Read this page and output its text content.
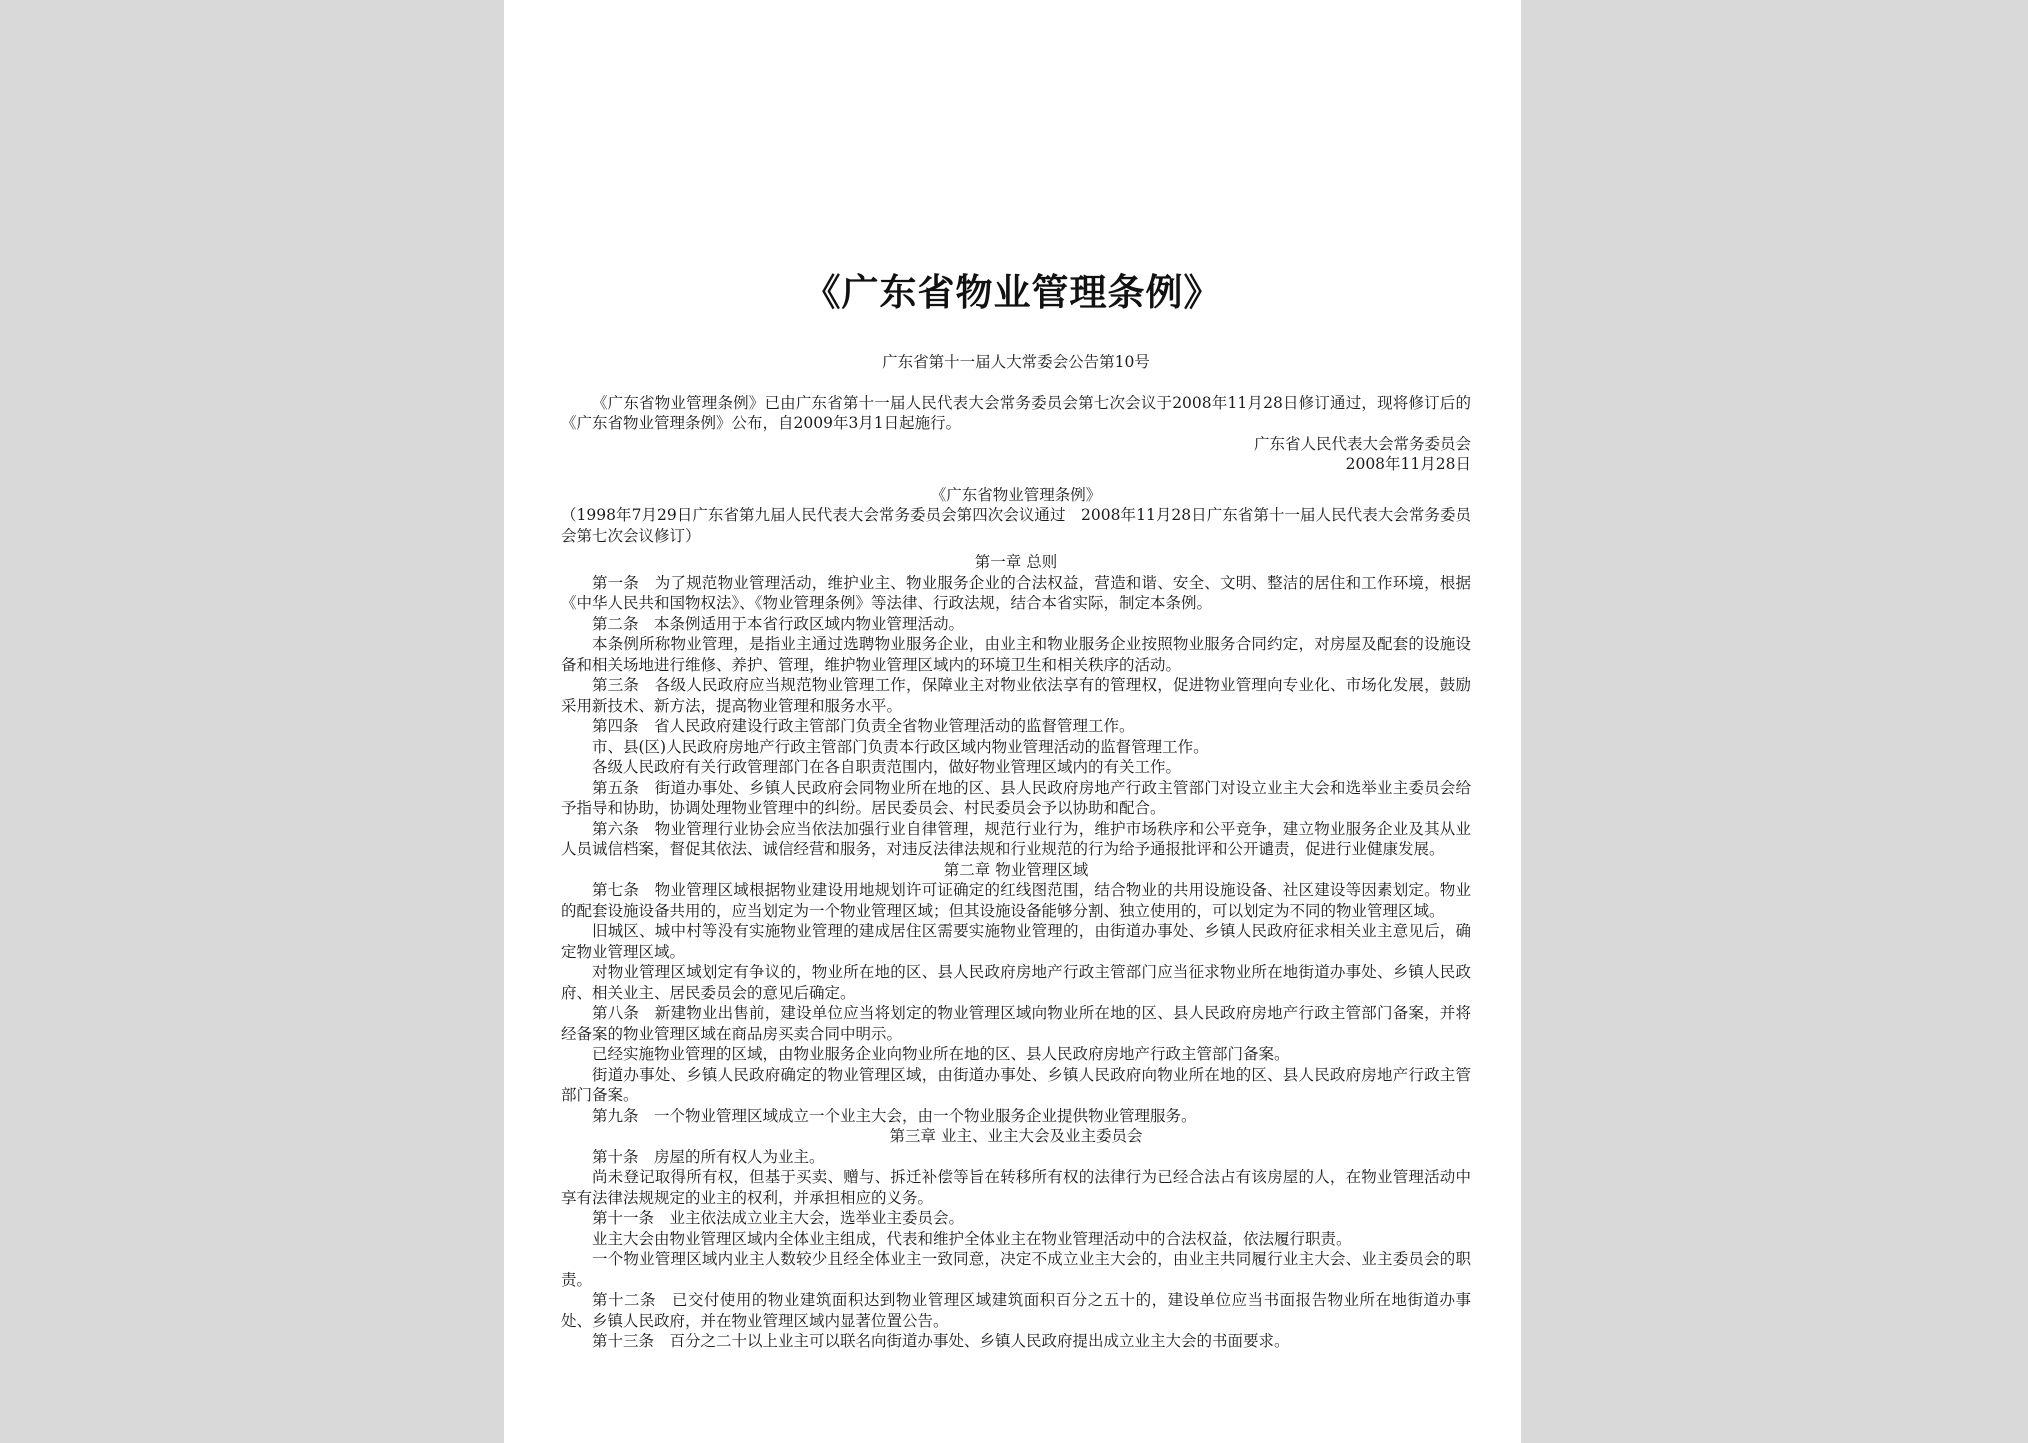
《广东省物业管理条例》
广东省第十一届人大常委会公告第10号
《广东省物业管理条例》已由广东省第十一届人民代表大会常务委员会第七次会议于2008年11月28日修订通过，现将修订后的《广东省物业管理条例》公布，自2009年3月1日起施行。
广东省人民代表大会常务委员会
2008年11月28日
《广东省物业管理条例》
（1998年7月29日广东省第九届人民代表大会常务委员会第四次会议通过　2008年11月28日广东省第十一届人民代表大会常务委员会第七次会议修订）
第一章 总则
第一条　为了规范物业管理活动，维护业主、物业服务企业的合法权益，营造和谐、安全、文明、整洁的居住和工作环境，根据《中华人民共和国物权法》、《物业管理条例》等法律、行政法规，结合本省实际，制定本条例。
第二条　本条例适用于本省行政区域内物业管理活动。
本条例所称物业管理，是指业主通过选聘物业服务企业，由业主和物业服务企业按照物业服务合同约定，对房屋及配套的设施设备和相关场地进行维修、养护、管理，维护物业管理区域内的环境卫生和相关秩序的活动。
第三条　各级人民政府应当规范物业管理工作，保障业主对物业依法享有的管理权，促进物业管理向专业化、市场化发展，鼓励采用新技术、新方法，提高物业管理和服务水平。
第四条　省人民政府建设行政主管部门负责全省物业管理活动的监督管理工作。
市、县(区)人民政府房地产行政主管部门负责本行政区域内物业管理活动的监督管理工作。
各级人民政府有关行政管理部门在各自职责范围内，做好物业管理区域内的有关工作。
第五条　街道办事处、乡镇人民政府会同物业所在地的区、县人民政府房地产行政主管部门对设立业主大会和选举业主委员会给予指导和协助，协调处理物业管理中的纠纷。居民委员会、村民委员会予以协助和配合。
第六条　物业管理行业协会应当依法加强行业自律管理，规范行业行为，维护市场秩序和公平竞争，建立物业服务企业及其从业人员诚信档案，督促其依法、诚信经营和服务，对违反法律法规和行业规范的行为给予通报批评和公开谴责，促进行业健康发展。
第二章 物业管理区域
第七条　物业管理区域根据物业建设用地规划许可证确定的红线图范围，结合物业的共用设施设备、社区建设等因素划定。物业的配套设施设备共用的，应当划定为一个物业管理区域；但其设施设备能够分割、独立使用的，可以划定为不同的物业管理区域。
旧城区、城中村等没有实施物业管理的建成居住区需要实施物业管理的，由街道办事处、乡镇人民政府征求相关业主意见后，确定物业管理区域。
对物业管理区域划定有争议的，物业所在地的区、县人民政府房地产行政主管部门应当征求物业所在地街道办事处、乡镇人民政府、相关业主、居民委员会的意见后确定。
第八条　新建物业出售前，建设单位应当将划定的物业管理区域向物业所在地的区、县人民政府房地产行政主管部门备案，并将经备案的物业管理区域在商品房买卖合同中明示。
已经实施物业管理的区域，由物业服务企业向物业所在地的区、县人民政府房地产行政主管部门备案。
街道办事处、乡镇人民政府确定的物业管理区域，由街道办事处、乡镇人民政府向物业所在地的区、县人民政府房地产行政主管部门备案。
第九条　一个物业管理区域成立一个业主大会，由一个物业服务企业提供物业管理服务。
第三章 业主、业主大会及业主委员会
第十条　房屋的所有权人为业主。
尚未登记取得所有权，但基于买卖、赠与、拆迁补偿等旨在转移所有权的法律行为已经合法占有该房屋的人，在物业管理活动中享有法律法规规定的业主的权利，并承担相应的义务。
第十一条　业主依法成立业主大会，选举业主委员会。
业主大会由物业管理区域内全体业主组成，代表和维护全体业主在物业管理活动中的合法权益，依法履行职责。
一个物业管理区域内业主人数较少且经全体业主一致同意，决定不成立业主大会的，由业主共同履行业主大会、业主委员会的职责。
第十二条　已交付使用的物业建筑面积达到物业管理区域建筑面积百分之五十的，建设单位应当书面报告物业所在地街道办事处、乡镇人民政府，并在物业管理区域内显著位置公告。
第十三条　百分之二十以上业主可以联名向街道办事处、乡镇人民政府提出成立业主大会的书面要求。
